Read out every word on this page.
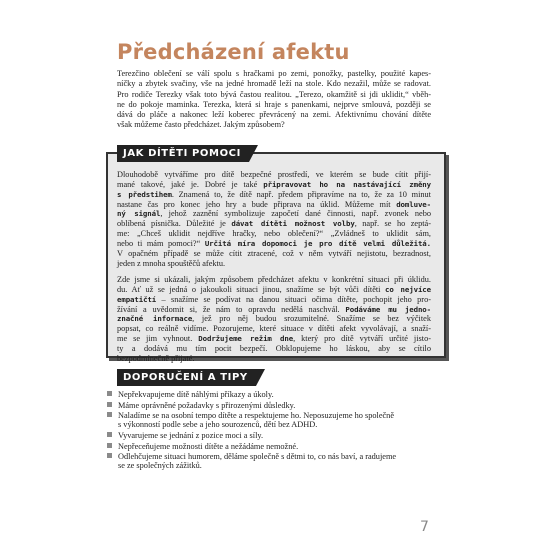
Předcházení afektu

Terezčino oblečení se válí spolu s hračkami po zemi, ponožky, pastelky, použité kapes-
níčky a zbytek svačiny, vše na jedné hromadě leží na stole. Kdo nezažil, může se radovat.
Pro rodiče Terezky však toto bývá častou realitou. „Terezo, okamžitě si jdi uklidit,“ vběh-
ne do pokoje maminka. Terezka, která si hraje s panenkami, nejprve smlouvá, později se
dává do pláče a nakonec leží koberec převrácený na zemi. Afektivnímu chování dítěte
však můžeme často předcházet. Jakým způsobem?

JAK DÍTĚTI POMOCI

Dlouhodobě vytváříme pro dítě bezpečné prostředí, ve kterém se bude cítit přijí-
mané takové, jaké je. Dobré je také připravovat ho na nastávající změny
s předstihem. Znamená to, že dítě např. předem připravíme na to, že za 10 minut
nastane čas pro konec jeho hry a bude připrava na úklid. Můžeme mít domluve-
ný signál, jehož zaznění symbolizuje započetí dané činnosti, např. zvonek nebo
oblíbená písnička. Důležité je dávat dítěti možnost volby, např. se ho zeptá-
me: „Chceš uklidit nejdříve hračky, nebo oblečení?“ „Zvládneš to uklidit sám,
nebo ti mám pomoci?“ Určitá míra dopomoci je pro dítě velmi důležitá.
V opačném případě se může cítit ztracené, což v něm vytváří nejistotu, bezradnost,
jeden z mnoha spouštěčů afektu.

Zde jsme si ukázali, jakým způsobem předcházet afektu v konkrétní situaci při úklidu.
du. Ať už se jedná o jakoukoli situaci jinou, snažíme se být vůči dítěti co nejvíce
empatičtí – snažíme se podívat na danou situaci očima dítěte, pochopit jeho pro-
žívání a uvědomit si, že nám to opravdu nedělá naschvál. Podáváme mu jedno-
značné informace, jež pro něj budou srozumitelné. Snažíme se bez výčitek
popsat, co reálně vidíme. Pozorujeme, které situace v dítěti afekt vyvolávají, a snaží-
me se jim vyhnout. Dodržujeme režim dne, který pro dítě vytváří určité jisto-
ty a dodává mu tím pocit bezpečí. Obklopujeme ho láskou, aby se cítilo
bezpodmínečně přijaté.

DOPORUČENÍ A TIPY
Nepřekvapujeme dítě náhlými příkazy a úkoly.
Máme oprávněné požadavky s přirozenými důsledky.
Naladíme se na osobní tempo dítěte a respektujeme ho. Neposuzujeme ho společně
s výkonností podle sebe a jeho sourozenců, dětí bez ADHD.
Vyvarujeme se jednání z pozice moci a síly.
Nepřeceňujeme možnosti dítěte a nežádáme nemožné.
Odlehčujeme situaci humorem, děláme společně s dětmi to, co nás baví, a radujeme
se ze společných zážitků.
7
